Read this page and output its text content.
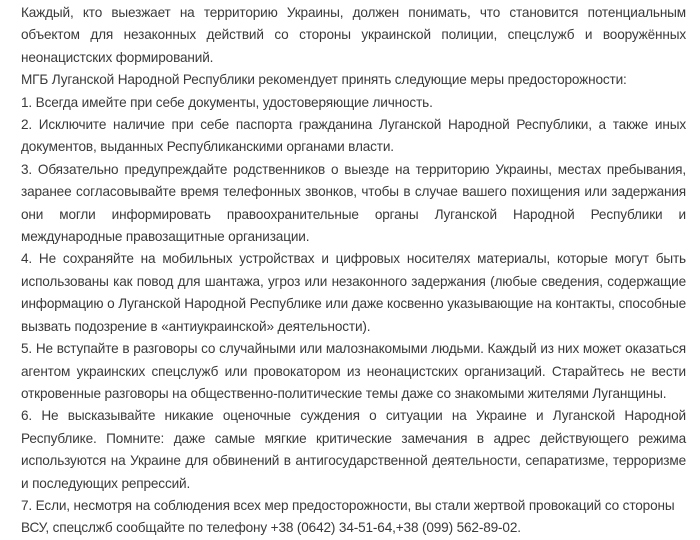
Каждый, кто выезжает на территорию Украины, должен понимать, что становится потенциальным объектом для незаконных действий со стороны украинской полиции, спецслужб и вооружённых неонацистских формирований.

МГБ Луганской Народной Республики рекомендует принять следующие меры предосторожности:

1. Всегда имейте при себе документы, удостоверяющие личность.

2. Исключите наличие при себе паспорта гражданина Луганской Народной Республики, а также иных документов, выданных Республиканскими органами власти.

3. Обязательно предупреждайте родственников о выезде на территорию Украины, местах пребывания, заранее согласовывайте время телефонных звонков, чтобы в случае вашего похищения или задержания они могли информировать правоохранительные органы Луганской Народной Республики и международные правозащитные организации.

4. Не сохраняйте на мобильных устройствах и цифровых носителях материалы, которые могут быть использованы как повод для шантажа, угроз или незаконного задержания (любые сведения, содержащие информацию о Луганской Народной Республике или даже косвенно указывающие на контакты, способные вызвать подозрение в «антиукраинской» деятельности).

5. Не вступайте в разговоры со случайными или малознакомыми людьми. Каждый из них может оказаться агентом украинских спецслужб или провокатором из неонацистских организаций. Старайтесь не вести откровенные разговоры на общественно-политические темы даже со знакомыми жителями Луганщины.

6. Не высказывайте никакие оценочные суждения о ситуации на Украине и Луганской Народной Республике. Помните: даже самые мягкие критические замечания в адрес действующего режима используются на Украине для обвинений в антигосударственной деятельности, сепаратизме, терроризме и последующих репрессий.

7. Если, несмотря на соблюдения всех мер предосторожности, вы стали жертвой провокаций со стороны ВСУ, спецслжб сообщайте по телефону +38 (0642) 34-51-64,+38 (099) 562-89-02.
